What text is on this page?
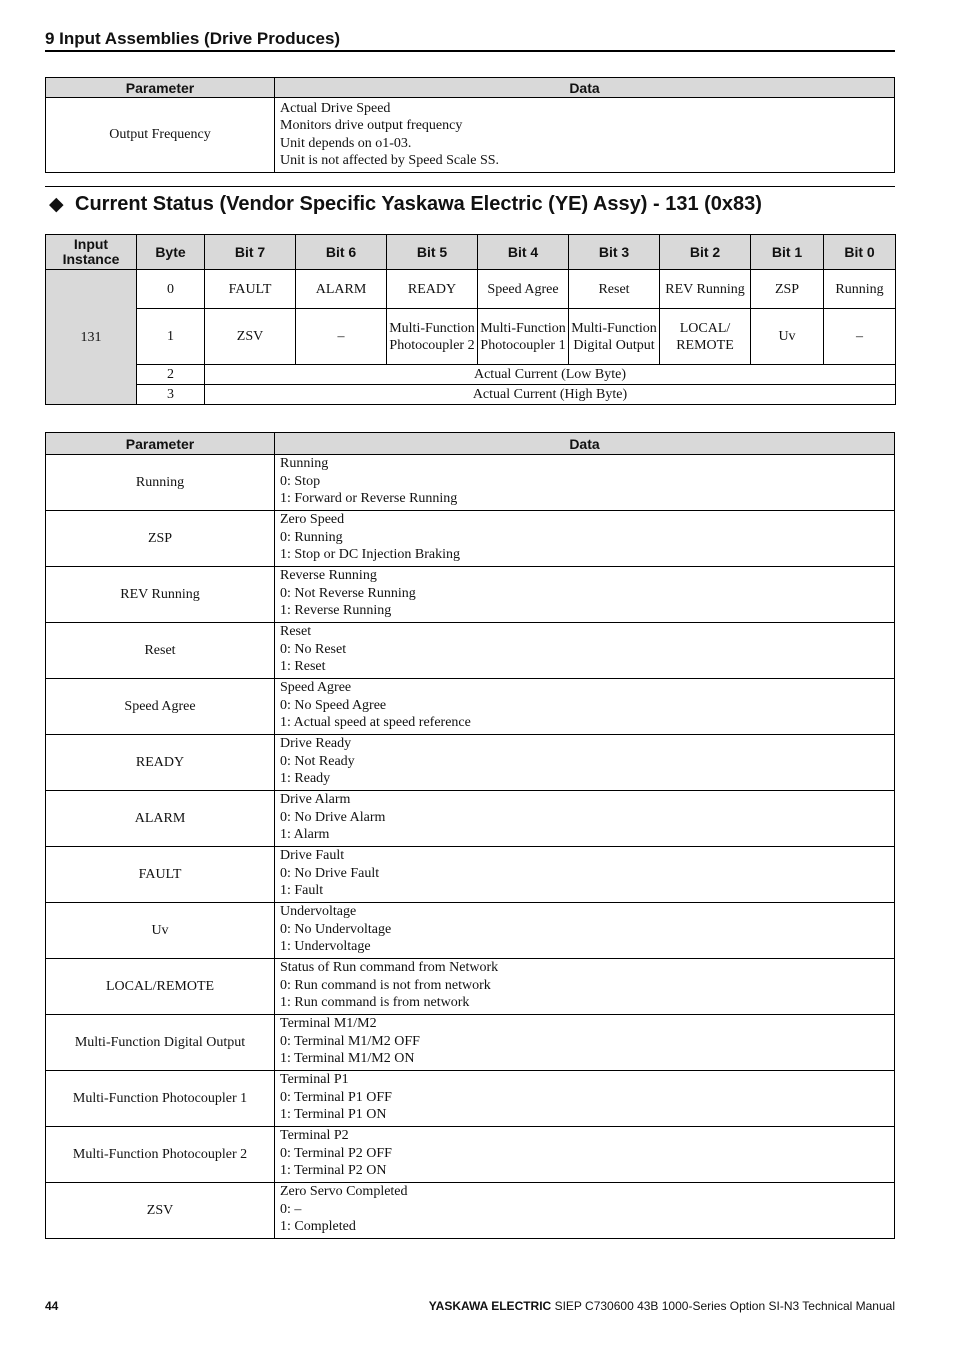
9 Input Assemblies (Drive Produces)
Parameter	Data
Output Frequency	Actual Drive Speed
Monitors drive output frequency
Unit depends on o1-03.
Unit is not affected by Speed Scale SS.
◆ Current Status (Vendor Specific Yaskawa Electric (YE) Assy) - 131 (0x83)
Input Instance	Byte	Bit 7	Bit 6	Bit 5	Bit 4	Bit 3	Bit 2	Bit 1	Bit 0
131	0	FAULT	ALARM	READY	Speed Agree	Reset	REV Running	ZSP	Running
	1	ZSV	–	Multi-Function Photocoupler 2	Multi-Function Photocoupler 1	Multi-Function Digital Output	LOCAL/ REMOTE	Uv	–
	2	Actual Current (Low Byte)							
	3	Actual Current (High Byte)							
Parameter	Data
Running	Running
0: Stop
1: Forward or Reverse Running

ZSP	Zero Speed
0: Running
1: Stop or DC Injection Braking

REV Running	Reverse Running
0: Not Reverse Running
1: Reverse Running

Reset	Reset
0: No Reset
1: Reset

Speed Agree	Speed Agree
0: No Speed Agree
1: Actual speed at speed reference

READY	Drive Ready
0: Not Ready
1: Ready

ALARM	Drive Alarm
0: No Drive Alarm
1: Alarm

FAULT	Drive Fault
0: No Drive Fault
1: Fault

Uv	Undervoltage
0: No Undervoltage
1: Undervoltage

LOCAL/REMOTE	Status of Run command from Network
0: Run command is not from network
1: Run command is from network

Multi-Function Digital Output	Terminal M1/M2
0: Terminal M1/M2 OFF
1: Terminal M1/M2 ON

Multi-Function Photocoupler 1	Terminal P1
0: Terminal P1 OFF
1: Terminal P1 ON

Multi-Function Photocoupler 2	Terminal P2
0: Terminal P2 OFF
1: Terminal P2 ON

ZSV	Zero Servo Completed
0: –
1: Completed
44	YASKAWA ELECTRIC SIEP C730600 43B 1000-Series Option SI-N3 Technical Manual
